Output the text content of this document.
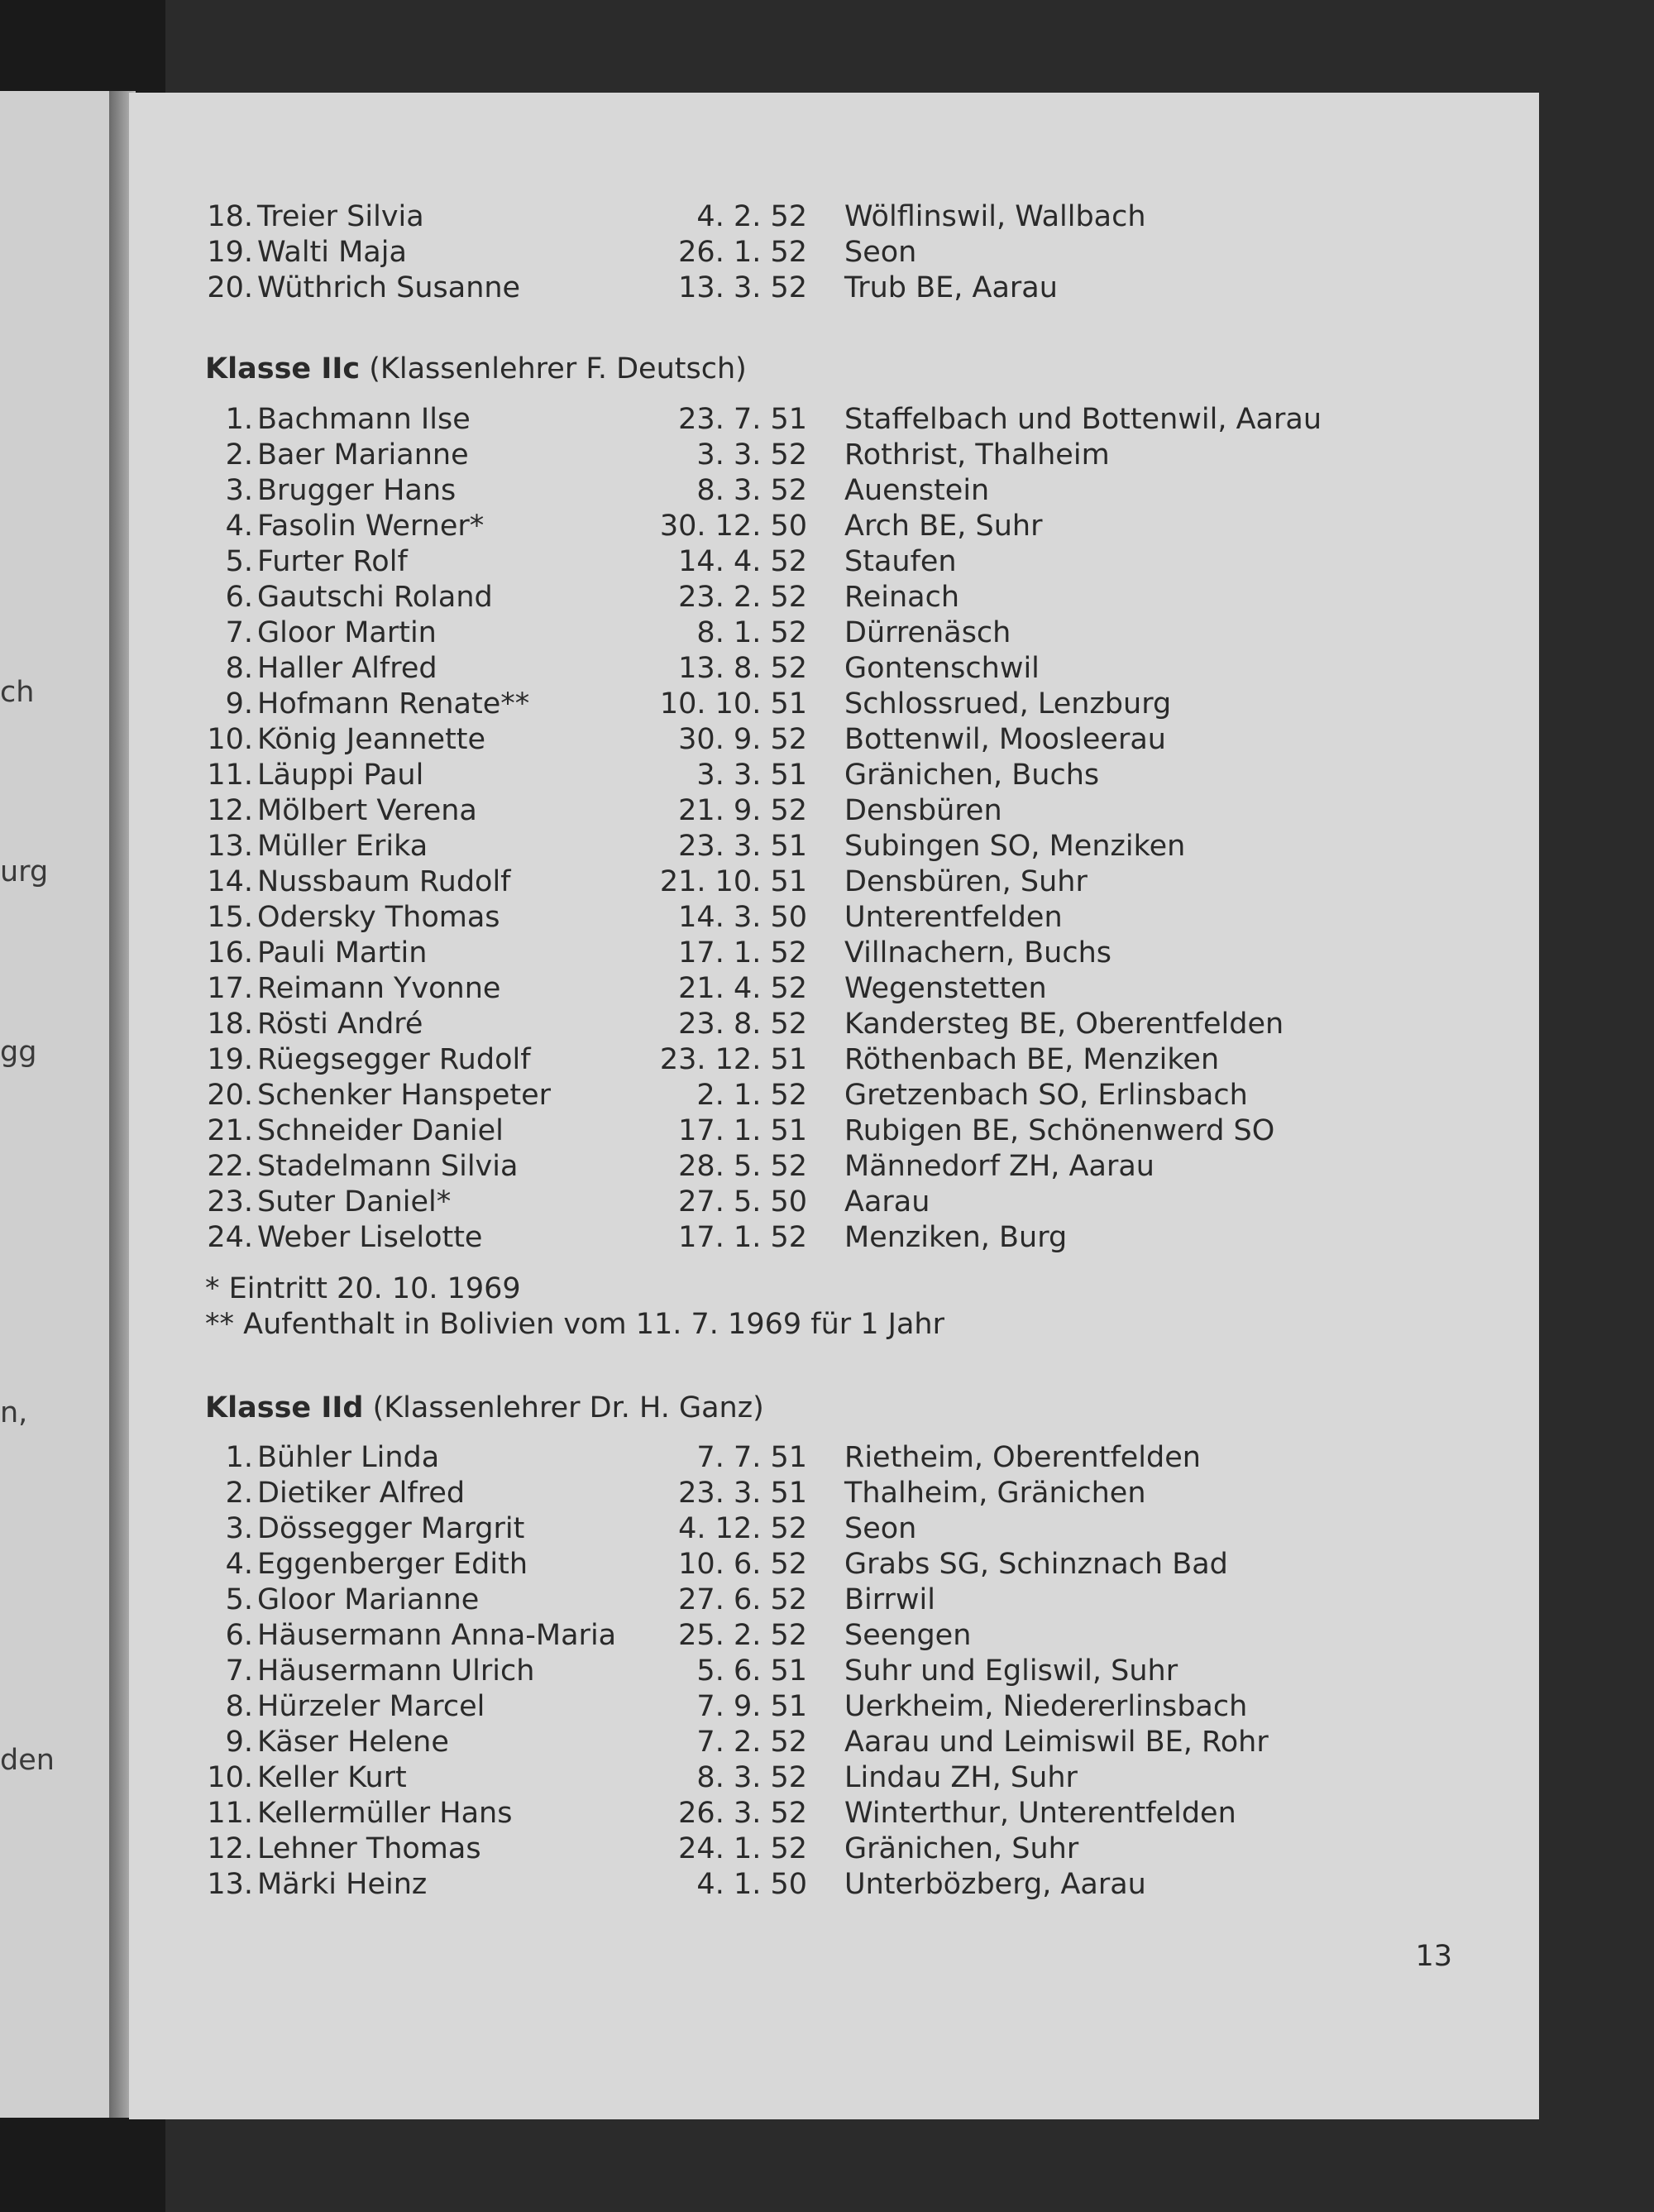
ch
urg
gg
n,
den
18. Treier Silvia	4. 2. 52 Wölflinswil, Wallbach
19. Walti Maja	26. 1. 52 Seon
20. Wüthrich Susanne	13. 3. 52 Trub BE, Aarau
Klasse IIc (Klassenlehrer F. Deutsch)
1. Bachmann Ilse	23. 7. 51 Staffelbach und Bottenwil, Aarau
2. Baer Marianne	3. 3. 52 Rothrist, Thalheim
3. Brugger Hans	8. 3. 52 Auenstein
4. Fasolin Werner*	30. 12. 50 Arch BE, Suhr
5. Furter Rolf	14. 4. 52 Staufen
6. Gautschi Roland	23. 2. 52 Reinach
7. Gloor Martin	8. 1. 52 Dürrenäsch
8. Haller Alfred	13. 8. 52 Gontenschwil
9. Hofmann Renate**	10. 10. 51 Schlossrued, Lenzburg
10. König Jeannette	30. 9. 52 Bottenwil, Moosleerau
11. Läuppi Paul	3. 3. 51 Gränichen, Buchs
12. Mölbert Verena	21. 9. 52 Densbüren
13. Müller Erika	23. 3. 51 Subingen SO, Menziken
14. Nussbaum Rudolf	21. 10. 51 Densbüren, Suhr
15. Odersky Thomas	14. 3. 50 Unterentfelden
16. Pauli Martin	17. 1. 52 Villnachern, Buchs
17. Reimann Yvonne	21. 4. 52 Wegenstetten
18. Rösti André	23. 8. 52 Kandersteg BE, Oberentfelden
19. Rüegsegger Rudolf	23. 12. 51 Röthenbach BE, Menziken
20. Schenker Hanspeter	2. 1. 52 Gretzenbach SO, Erlinsbach
21. Schneider Daniel	17. 1. 51 Rubigen BE, Schönenwerd SO
22. Stadelmann Silvia	28. 5. 52 Männedorf ZH, Aarau
23. Suter Daniel*	27. 5. 50 Aarau
24. Weber Liselotte	17. 1. 52 Menziken, Burg
* Eintritt 20. 10. 1969
** Aufenthalt in Bolivien vom 11. 7. 1969 für 1 Jahr
Klasse IId (Klassenlehrer Dr. H. Ganz)
1. Bühler Linda	7. 7. 51 Rietheim, Oberentfelden
2. Dietiker Alfred	23. 3. 51 Thalheim, Gränichen
3. Dössegger Margrit	4. 12. 52 Seon
4. Eggenberger Edith	10. 6. 52 Grabs SG, Schinznach Bad
5. Gloor Marianne	27. 6. 52 Birrwil
6. Häusermann Anna-Maria	25. 2. 52 Seengen
7. Häusermann Ulrich	5. 6. 51 Suhr und Egliswil, Suhr
8. Hürzeler Marcel	7. 9. 51 Uerkheim, Niedererlinsbach
9. Käser Helene	7. 2. 52 Aarau und Leimiswil BE, Rohr
10. Keller Kurt	8. 3. 52 Lindau ZH, Suhr
11. Kellermüller Hans	26. 3. 52 Winterthur, Unterentfelden
12. Lehner Thomas	24. 1. 52 Gränichen, Suhr
13. Märki Heinz	4. 1. 50 Unterbözberg, Aarau
13
